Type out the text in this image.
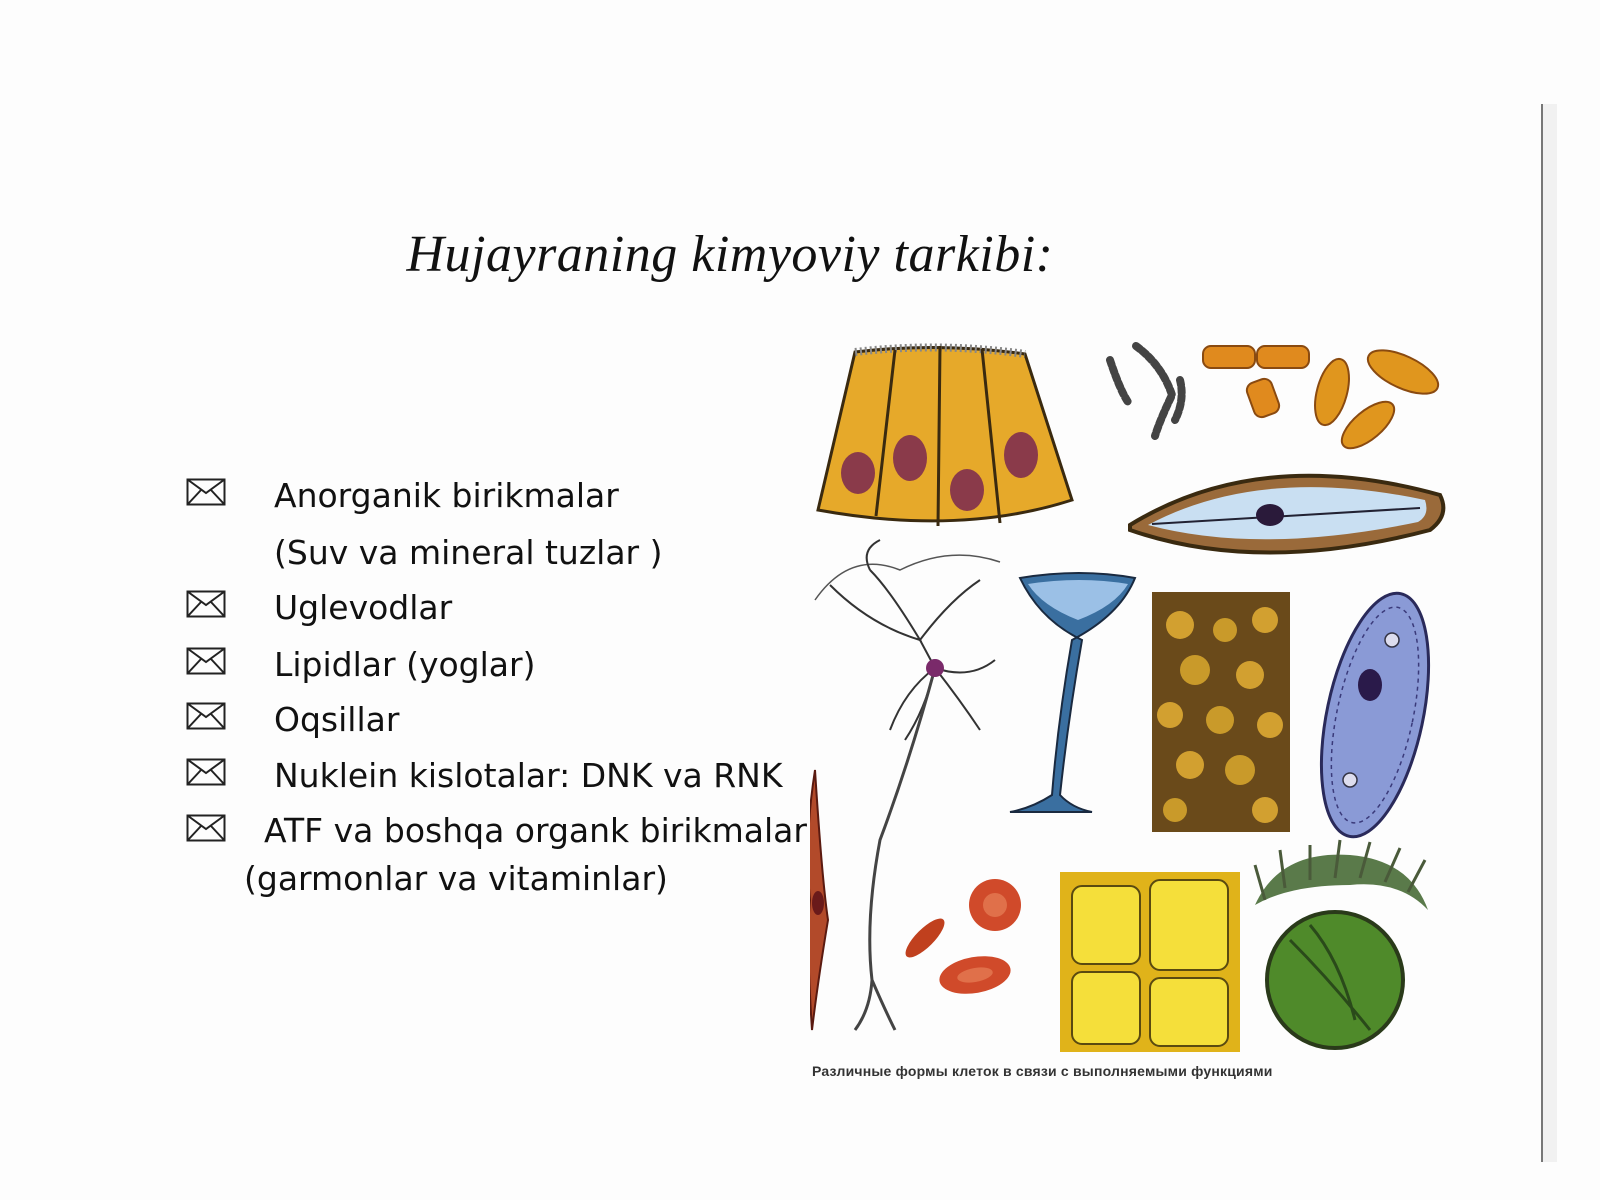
Hujayraning kimyoviy tarkibi:
Anorganik birikmalar
(Suv va mineral tuzlar )
Uglevodlar
Lipidlar (yoglar)
Oqsillar
Nuklein kislotalar: DNK va RNK
ATF va boshqa organk birikmalar
(garmonlar va vitaminlar)
Различные формы клеток в связи с выполняемыми функциями
